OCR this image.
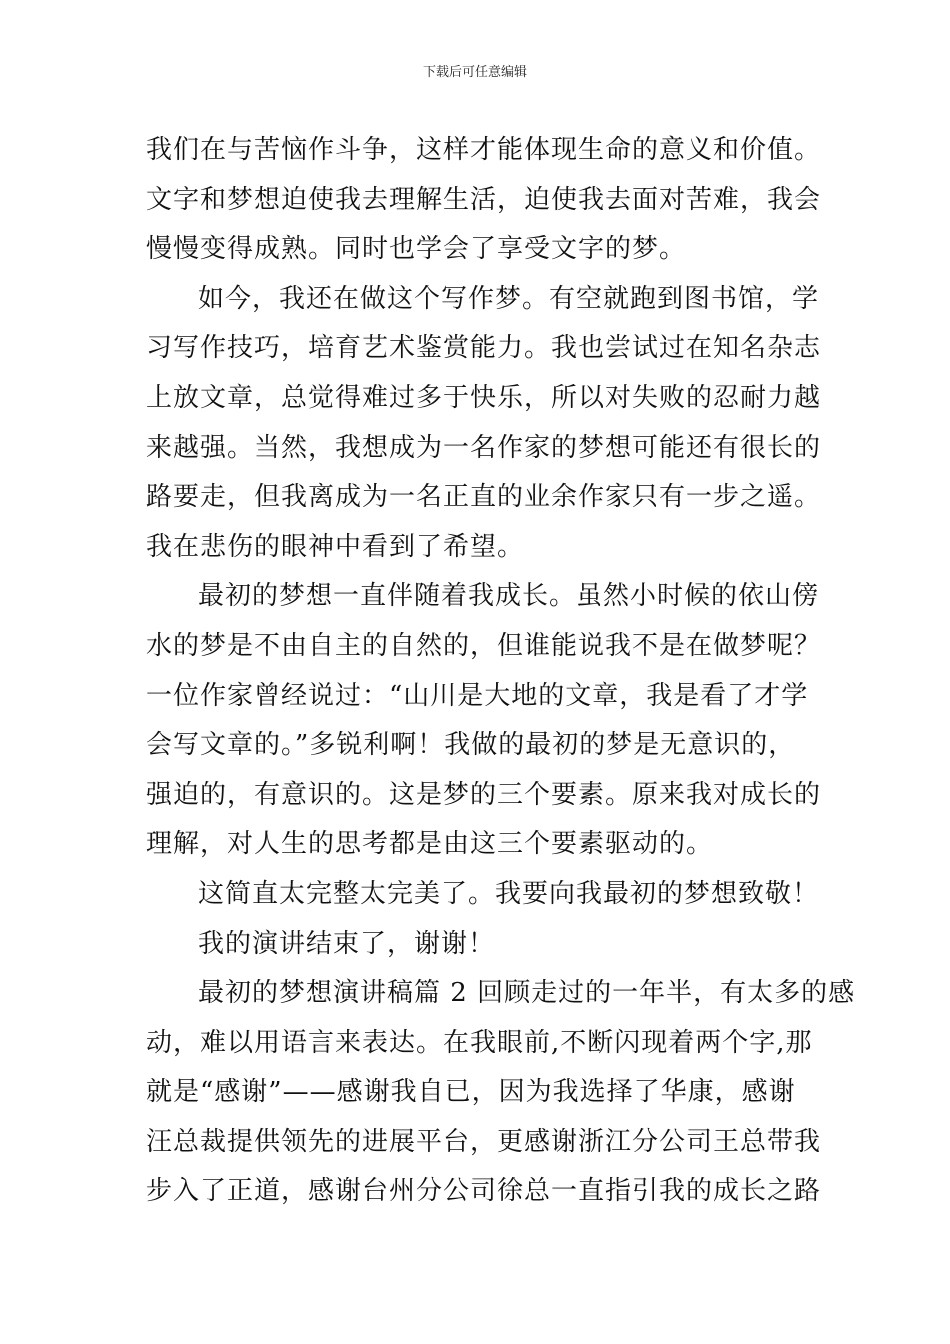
下载后可任意编辑
我们在与苦恼作斗争，这样才能体现生命的意义和价值。
文字和梦想迫使我去理解生活，迫使我去面对苦难，我会
慢慢变得成熟。同时也学会了享受文字的梦。
如今，我还在做这个写作梦。有空就跑到图书馆，学
习写作技巧，培育艺术鉴赏能力。我也尝试过在知名杂志
上放文章，总觉得难过多于快乐，所以对失败的忍耐力越
来越强。当然，我想成为一名作家的梦想可能还有很长的
路要走，但我离成为一名正直的业余作家只有一步之遥。
我在悲伤的眼神中看到了希望。
最初的梦想一直伴随着我成长。虽然小时候的依山傍
水的梦是不由自主的自然的，但谁能说我不是在做梦呢？
一位作家曾经说过：“山川是大地的文章，我是看了才学
会写文章的。”多锐利啊！我做的最初的梦是无意识的，
强迫的，有意识的。这是梦的三个要素。原来我对成长的
理解，对人生的思考都是由这三个要素驱动的。
这简直太完整太完美了。我要向我最初的梦想致敬！
我的演讲结束了，谢谢！
最初的梦想演讲稿篇 2 回顾走过的一年半，有太多的感
动，难以用语言来表达。在我眼前,不断闪现着两个字,那
就是“感谢”——感谢我自已，因为我选择了华康，感谢
汪总裁提供领先的进展平台，更感谢浙江分公司王总带我
步入了正道，感谢台州分公司徐总一直指引我的成长之路
